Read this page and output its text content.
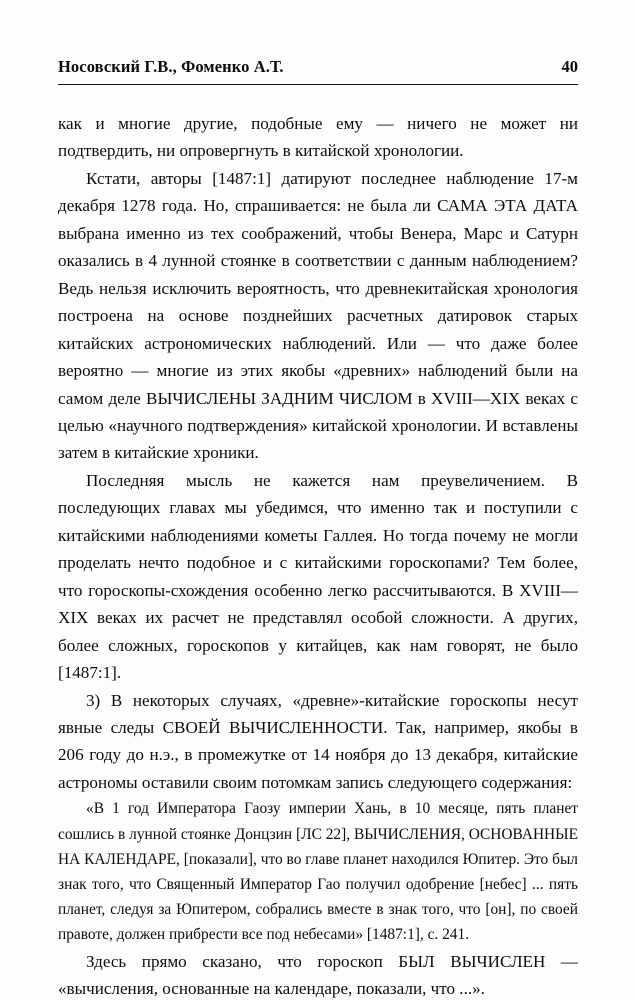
Носовский Г.В., Фоменко А.Т.	40

как и многие другие, подобные ему — ничего не может ни подтвердить, ни опровергнуть в китайской хронологии.

Кстати, авторы [1487:1] датируют последнее наблюдение 17-м декабря 1278 года. Но, спрашивается: не была ли САМА ЭТА ДАТА выбрана именно из тех соображений, чтобы Венера, Марс и Сатурн оказались в 4 лунной стоянке в соответствии с данным наблюдением? Ведь нельзя исключить вероятность, что древнекитайская хронология построена на основе позднейших расчетных датировок старых китайских астрономических наблюдений. Или — что даже более вероятно — многие из этих якобы «древних» наблюдений были на самом деле ВЫЧИСЛЕНЫ ЗАДНИМ ЧИСЛОМ в XVIII—XIX веках с целью «научного подтверждения» китайской хронологии. И вставлены затем в китайские хроники.

Последняя мысль не кажется нам преувеличением. В последующих главах мы убедимся, что именно так и поступили с китайскими наблюдениями кометы Галлея. Но тогда почему не могли проделать нечто подобное и с китайскими гороскопами? Тем более, что гороскопы-схождения особенно легко рассчитываются. В XVIII—XIX веках их расчет не представлял особой сложности. А других, более сложных, гороскопов у китайцев, как нам говорят, не было [1487:1].

3) В некоторых случаях, «древне»-китайские гороскопы несут явные следы СВОЕЙ ВЫЧИСЛЕННОСТИ. Так, например, якобы в 206 году до н.э., в промежутке от 14 ноября до 13 декабря, китайские астрономы оставили своим потомкам запись следующего содержания:

«В 1 год Императора Гаозу империи Хань, в 10 месяце, пять планет сошлись в лунной стоянке Донцзин [ЛС 22], ВЫЧИСЛЕНИЯ, ОСНОВАННЫЕ НА КАЛЕНДАРЕ, [показали], что во главе планет находился Юпитер. Это был знак того, что Священный Император Гао получил одобрение [небес] ... пять планет, следуя за Юпитером, собрались вместе в знак того, что [он], по своей правоте, должен прибрести все под небесами» [1487:1], с. 241.

Здесь прямо сказано, что гороскоп БЫЛ ВЫЧИСЛЕН — «вычисления, основанные на календаре, показали, что ...».
